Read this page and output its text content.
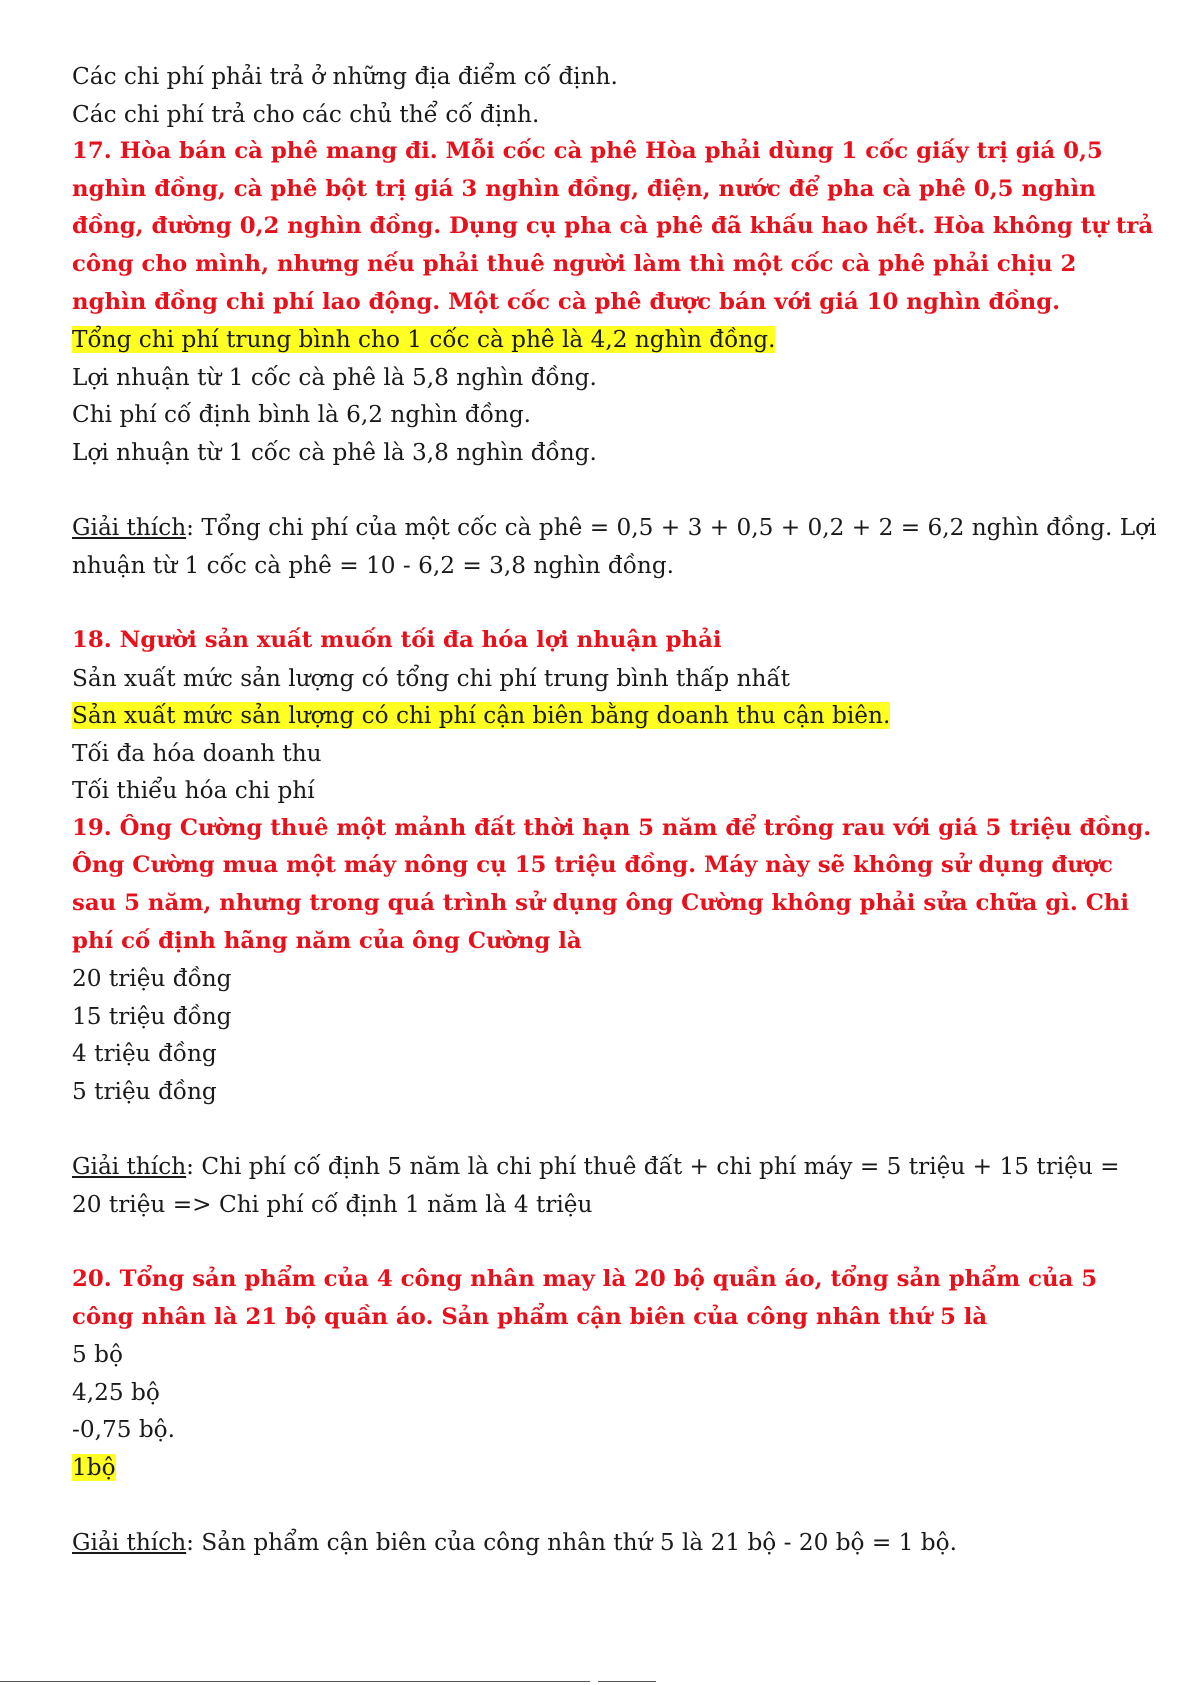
Các chi phí phải trả ở những địa điểm cố định.
Các chi phí trả cho các chủ thể cố định.
17. Hòa bán cà phê mang đi. Mỗi cốc cà phê Hòa phải dùng 1 cốc giấy trị giá 0,5
nghìn đồng, cà phê bột trị giá 3 nghìn đồng, điện, nước để pha cà phê 0,5 nghìn
đồng, đường 0,2 nghìn đồng. Dụng cụ pha cà phê đã khấu hao hết. Hòa không tự trả
công cho mình, nhưng nếu phải thuê người làm thì một cốc cà phê phải chịu 2
nghìn đồng chi phí lao động. Một cốc cà phê được bán với giá 10 nghìn đồng.
Tổng chi phí trung bình cho 1 cốc cà phê là 4,2 nghìn đồng.
Lợi nhuận từ 1 cốc cà phê là 5,8 nghìn đồng.
Chi phí cố định bình là 6,2 nghìn đồng.
Lợi nhuận từ 1 cốc cà phê là 3,8 nghìn đồng.
Giải thích: Tổng chi phí của một cốc cà phê = 0,5 + 3 + 0,5 + 0,2 + 2 = 6,2 nghìn đồng. Lợi
nhuận từ 1 cốc cà phê = 10 - 6,2 = 3,8 nghìn đồng.
18. Người sản xuất muốn tối đa hóa lợi nhuận phải
Sản xuất mức sản lượng có tổng chi phí trung bình thấp nhất
Sản xuất mức sản lượng có chi phí cận biên bằng doanh thu cận biên.
Tối đa hóa doanh thu
Tối thiểu hóa chi phí
19. Ông Cường thuê một mảnh đất thời hạn 5 năm để trồng rau với giá 5 triệu đồng.
Ông Cường mua một máy nông cụ 15 triệu đồng. Máy này sẽ không sử dụng được
sau 5 năm, nhưng trong quá trình sử dụng ông Cường không phải sửa chữa gì. Chi
phí cố định hãng năm của ông Cường là
20 triệu đồng
15 triệu đồng
4 triệu đồng
5 triệu đồng
Giải thích: Chi phí cố định 5 năm là chi phí thuê đất + chi phí máy = 5 triệu + 15 triệu =
20 triệu => Chi phí cố định 1 năm là 4 triệu
20. Tổng sản phẩm của 4 công nhân may là 20 bộ quần áo, tổng sản phẩm của 5
công nhân là 21 bộ quần áo. Sản phẩm cận biên của công nhân thứ 5 là
5 bộ
4,25 bộ
-0,75 bộ.
1bộ
Giải thích: Sản phẩm cận biên của công nhân thứ 5 là 21 bộ - 20 bộ = 1 bộ.
